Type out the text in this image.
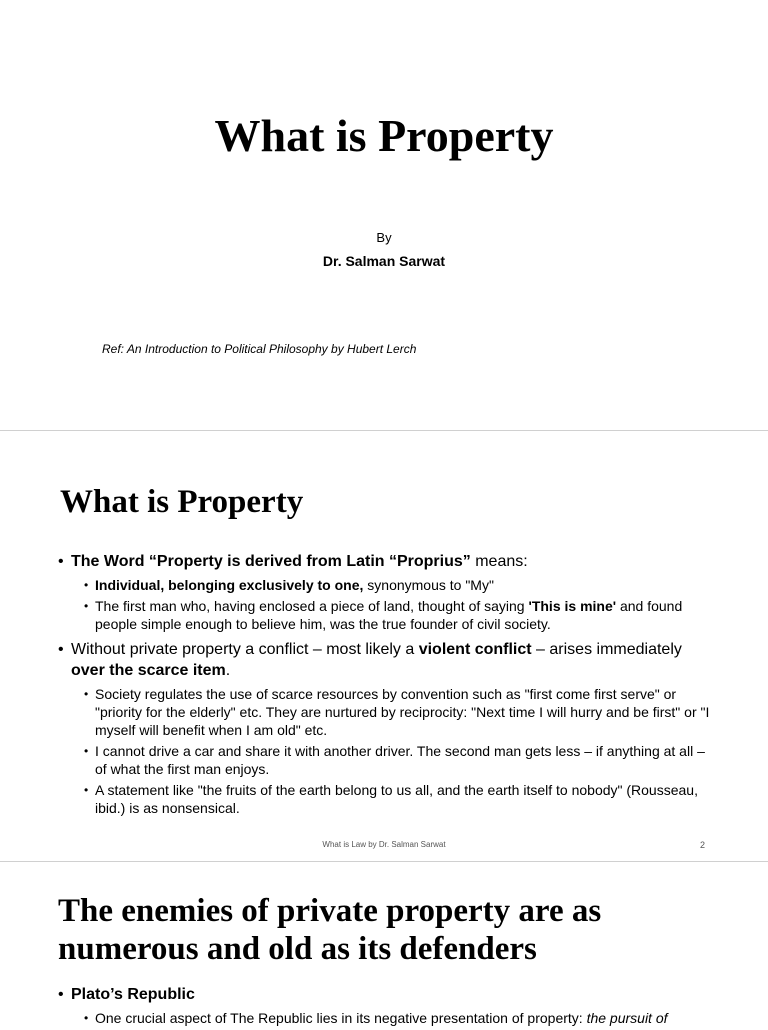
What is Property
By
Dr. Salman Sarwat
Ref: An Introduction to Political Philosophy by Hubert Lerch
What is Property
• The Word “Property is derived from Latin “Proprius” means:
• Individual, belonging exclusively to one, synonymous to "My"
• The first man who, having enclosed a piece of land, thought of saying 'This is mine' and found people simple enough to believe him, was the true founder of civil society.
• Without private property a conflict – most likely a violent conflict – arises immediately over the scarce item.
• Society regulates the use of scarce resources by convention such as "first come first serve" or "priority for the elderly" etc. They are nurtured by reciprocity: "Next time I will hurry and be first" or "I myself will benefit when I am old" etc.
• I cannot drive a car and share it with another driver. The second man gets less – if anything at all – of what the first man enjoys.
• A statement like "the fruits of the earth belong to us all, and the earth itself to nobody" (Rousseau, ibid.) is as nonsensical.
What is Law by Dr. Salman Sarwat	2
The enemies of private property are as numerous and old as its defenders
• Plato’s Republic
• One crucial aspect of The Republic lies in its negative presentation of property: the pursuit of
